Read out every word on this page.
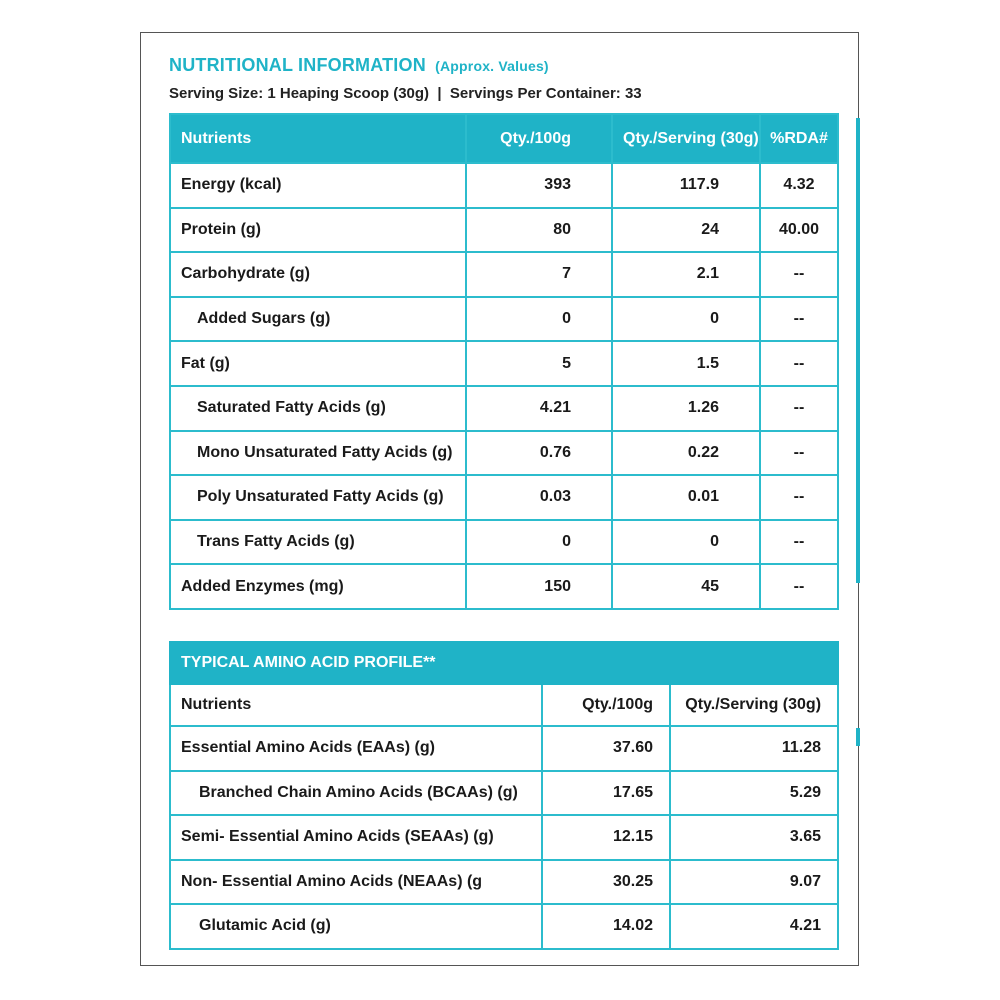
NUTRITIONAL INFORMATION (Approx. Values)
Serving Size: 1 Heaping Scoop (30g)  |  Servings Per Container: 33
Nutrients	Qty./100g	Qty./Serving (30g)	%RDA#
Energy (kcal)	393	117.9	4.32
Protein (g)	80	24	40.00
Carbohydrate (g)	7	2.1	--
Added Sugars (g)	0	0	--
Fat (g)	5	1.5	--
Saturated Fatty Acids (g)	4.21	1.26	--
Mono Unsaturated Fatty Acids (g)	0.76	0.22	--
Poly Unsaturated Fatty Acids (g)	0.03	0.01	--
Trans Fatty Acids (g)	0	0	--
Added Enzymes (mg)	150	45	--
TYPICAL AMINO ACID PROFILE**		
Nutrients	Qty./100g	Qty./Serving (30g)
Essential Amino Acids (EAAs) (g)	37.60	11.28
Branched Chain Amino Acids (BCAAs) (g)	17.65	5.29
Semi- Essential Amino Acids (SEAAs) (g)	12.15	3.65
Non- Essential Amino Acids (NEAAs) (g	30.25	9.07
Glutamic Acid (g)	14.02	4.21
